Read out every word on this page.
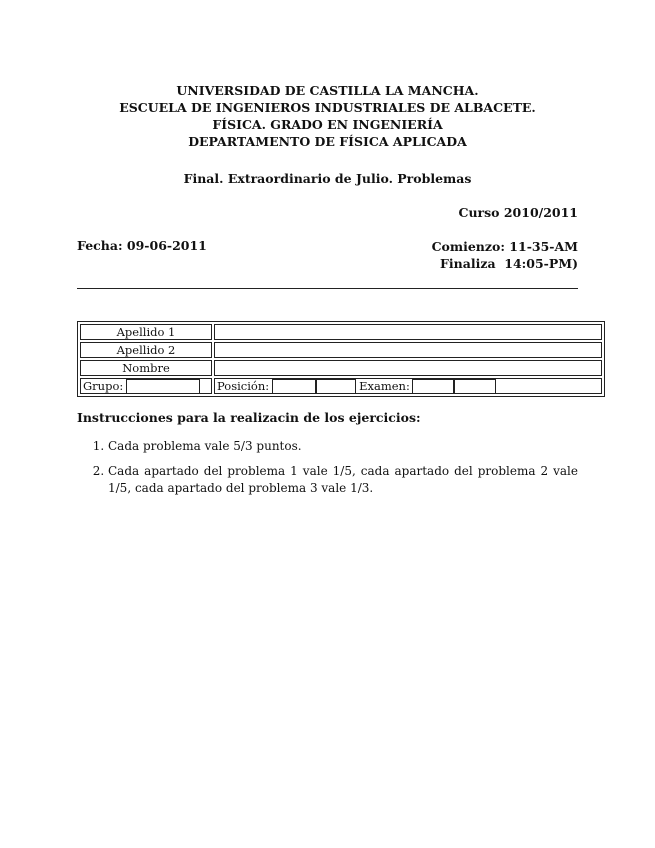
UNIVERSIDAD DE CASTILLA LA MANCHA.
ESCUELA DE INGENIEROS INDUSTRIALES DE ALBACETE.
FÍSICA. GRADO EN INGENIERÍA
DEPARTAMENTO DE FÍSICA APLICADA
Final. Extraordinario de Julio. Problemas
Curso 2010/2011
Fecha: 09-06-2011	Comienzo: 11-35-AM
Finaliza  14:05-PM)
Apellido 1	
Apellido 2	
Nombre	

Grupo:	Posición: Examen:
Instrucciones para la realizacin de los ejercicios:
1. Cada problema vale 5/3 puntos.
2. Cada apartado del problema 1 vale 1/5, cada apartado del problema 2 vale 1/5, cada apartado del problema 3 vale 1/3.
